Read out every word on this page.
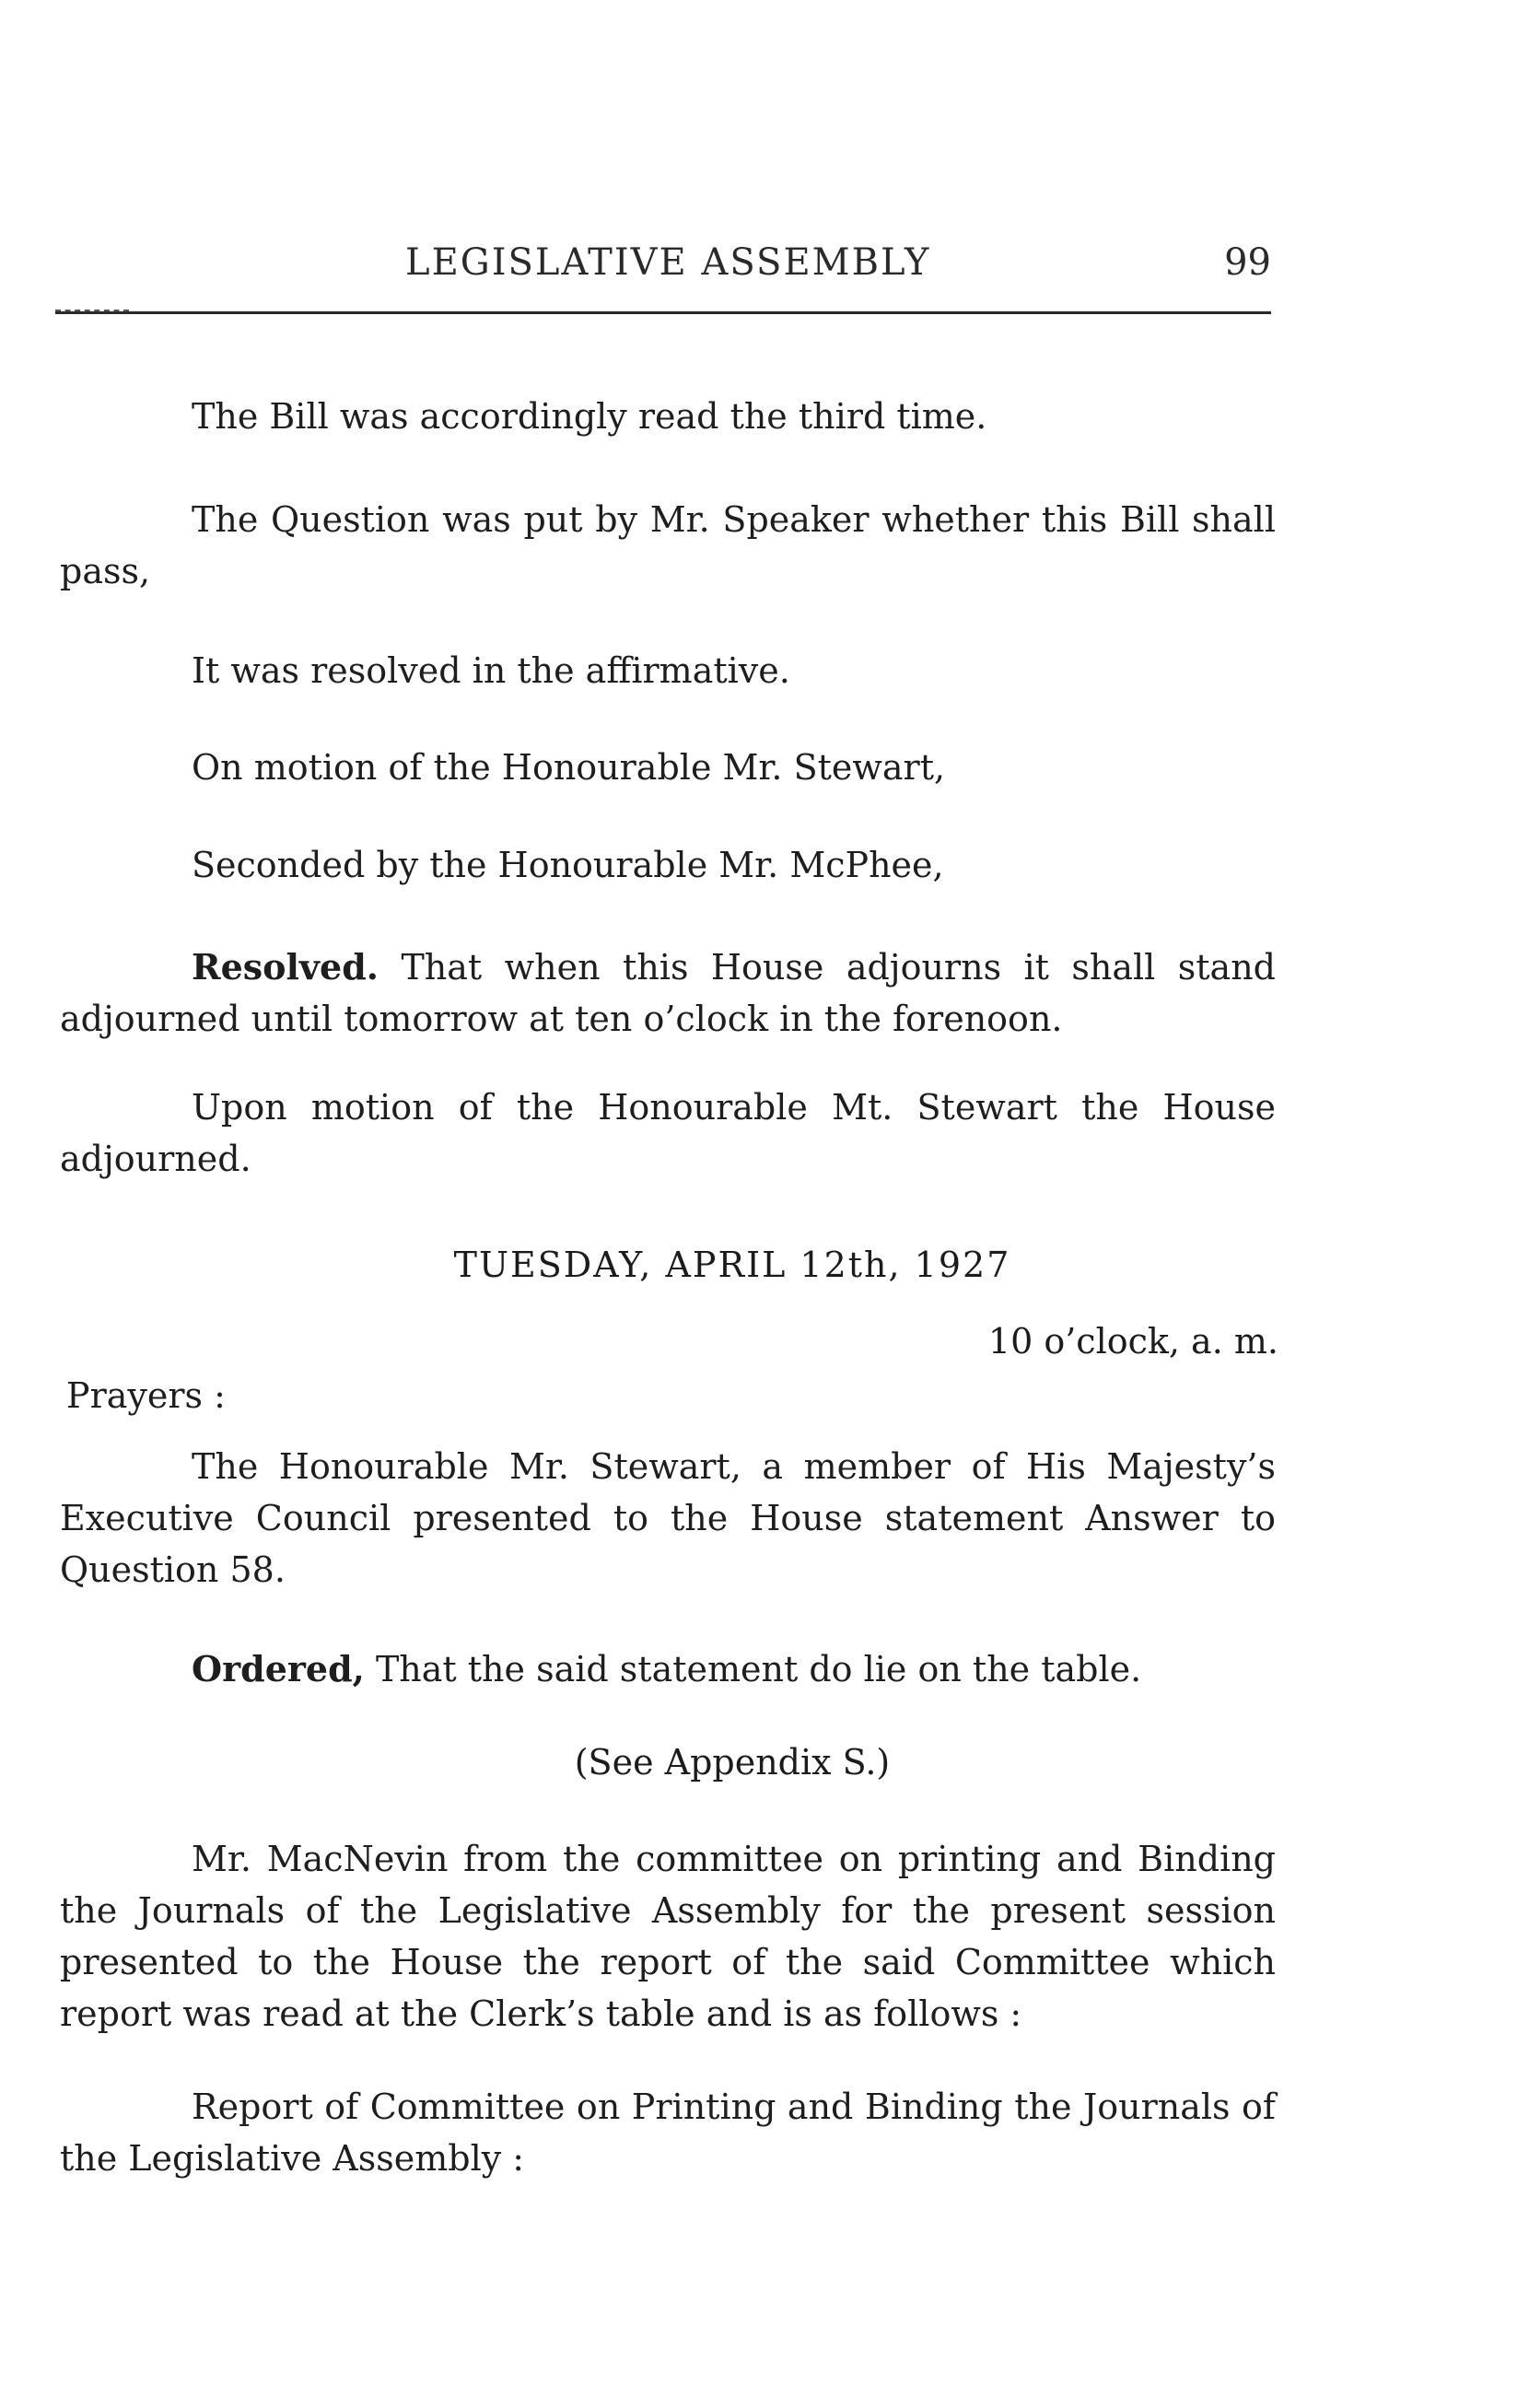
LEGISLATIVE ASSEMBLY	99
The Bill was accordingly read the third time.
The Question was put by Mr. Speaker whether this Bill shall pass,
It was resolved in the affirmative.
On motion of the Honourable Mr. Stewart,
Seconded by the Honourable Mr. McPhee,
Resolved. That when this House adjourns it shall stand adjourned until tomorrow at ten o’clock in the forenoon.
Upon motion of the Honourable Mt. Stewart the House adjourned.
TUESDAY, APRIL 12th, 1927
10 o’clock, a. m.
Prayers :
The Honourable Mr. Stewart, a member of His Majesty’s Executive Council presented to the House statement Answer to Question 58.
Ordered, That the said statement do lie on the table.
(See Appendix S.)
Mr. MacNevin from the committee on printing and Binding the Journals of the Legislative Assembly for the present session presented to the House the report of the said Committee which report was read at the Clerk’s table and is as follows :
Report of Committee on Printing and Binding the Journals of the Legislative Assembly :
